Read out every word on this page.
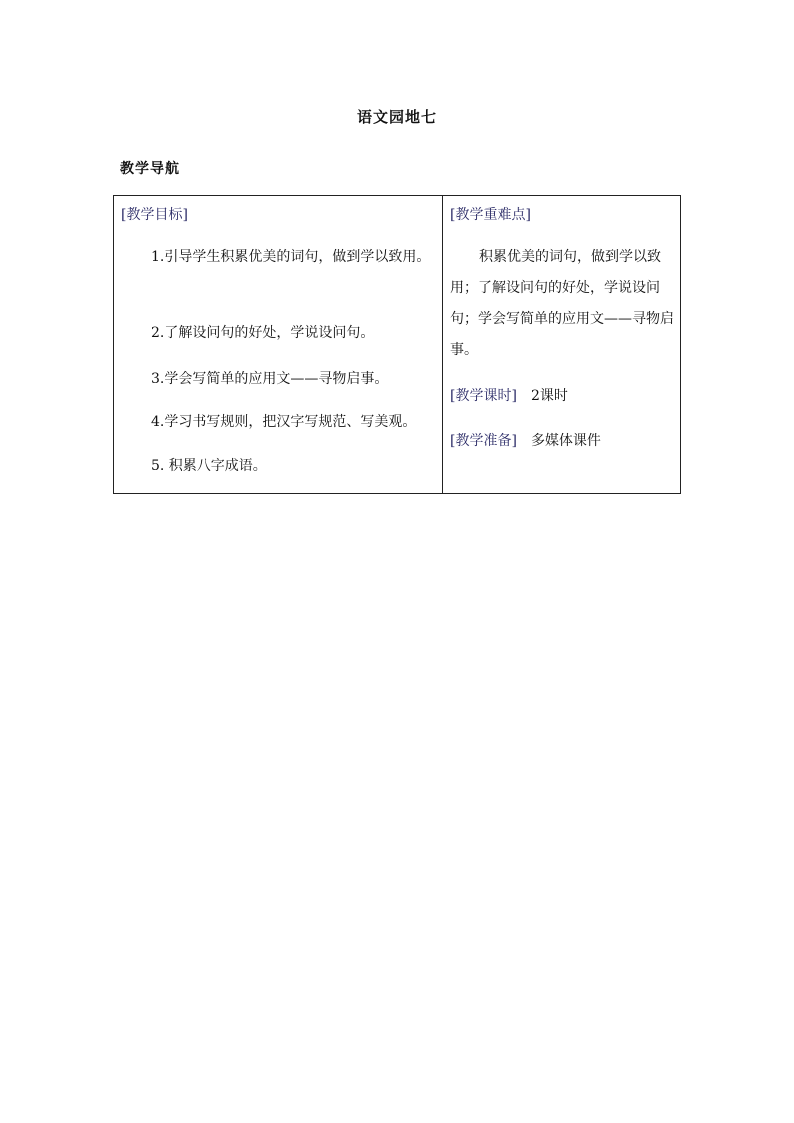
语文园地七
教学导航
[教学目标]
1.引导学生积累优美的词句，做到学以致用。
2.了解设问句的好处，学说设问句。
3.学会写简单的应用文——寻物启事。
4.学习书写规则，把汉字写规范、写美观。
5. 积累八字成语。
[教学重难点]
积累优美的词句，做到学以致用；了解设问句的好处，学说设问句；学会写简单的应用文——寻物启事。
[教学课时] 2课时
[教学准备] 多媒体课件
